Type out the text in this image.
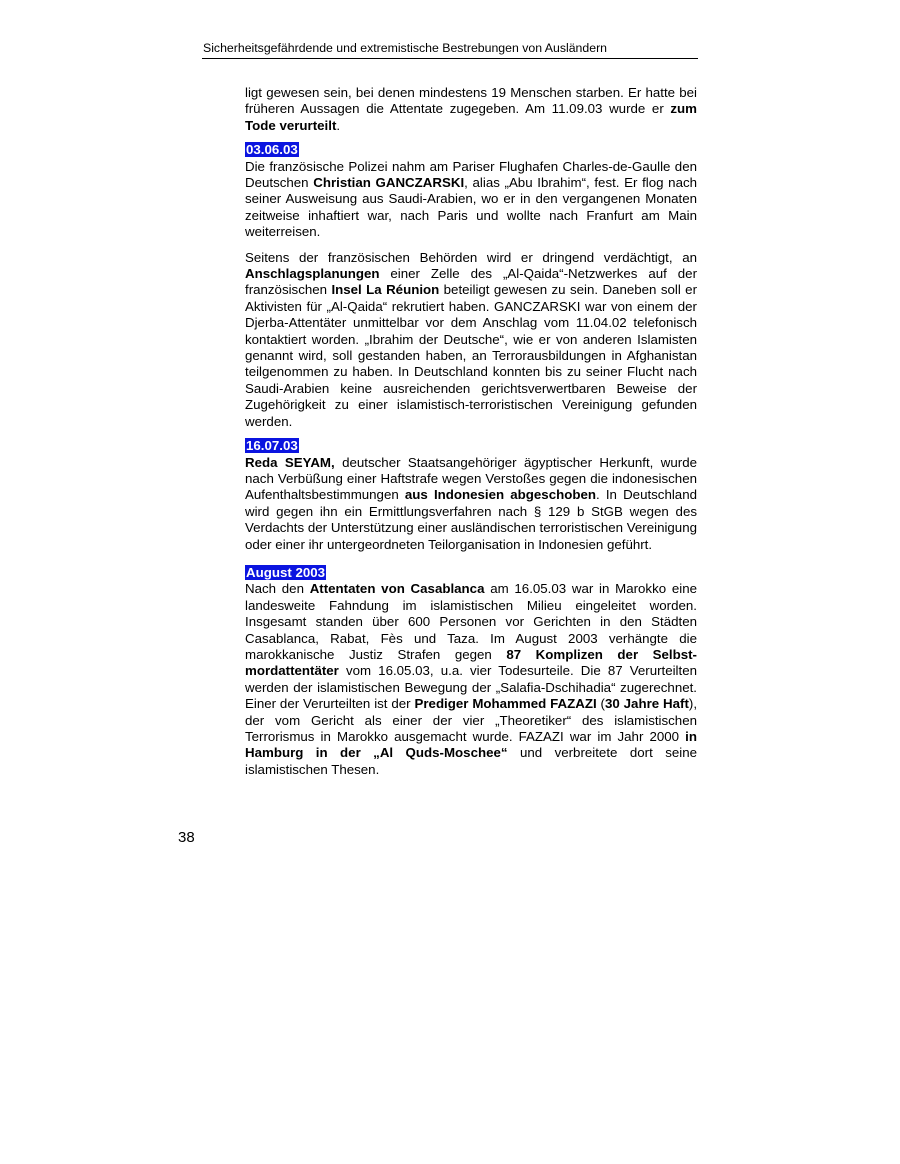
Sicherheitsgefährdende und extremistische Bestrebungen von Ausländern

ligt gewesen sein, bei denen mindestens 19 Menschen starben. Er hatte bei früheren Aussagen die Attentate zugegeben. Am 11.09.03 wurde er zum Tode verurteilt.

03.06.03

Die französische Polizei nahm am Pariser Flughafen Charles-de-Gaulle den Deutschen Christian GANCZARSKI, alias „Abu Ibrahim“, fest. Er flog nach seiner Ausweisung aus Saudi-Arabien, wo er in den vergangenen Monaten zeitweise inhaftiert war, nach Paris und wollte nach Franfurt am Main weiterreisen.

Seitens der französischen Behörden wird er dringend verdächtigt, an Anschlagsplanungen einer Zelle des „Al-Qaida“-Netzwerkes auf der französischen Insel La Réunion beteiligt gewesen zu sein. Daneben soll er Aktivisten für „Al-Qaida“ rekrutiert haben. GANCZARSKI war von einem der Djerba-Attentäter unmittelbar vor dem Anschlag vom 11.04.02 telefonisch kontaktiert worden. „Ibrahim der Deutsche“, wie er von anderen Islamisten genannt wird, soll gestanden haben, an Terrorausbildungen in Afghanistan teilgenommen zu haben. In Deutschland konnten bis zu seiner Flucht nach Saudi-Arabien keine ausreichenden gerichtsverwertbaren Beweise der Zugehörigkeit zu einer islamistisch-terroristischen Vereinigung gefunden werden.

16.07.03

Reda SEYAM, deutscher Staatsangehöriger ägyptischer Herkunft, wurde nach Verbüßung einer Haftstrafe wegen Verstoßes gegen die indonesischen Aufenthaltsbestimmungen aus Indonesien abgeschoben. In Deutschland wird gegen ihn ein Ermittlungsverfahren nach § 129 b StGB wegen des Verdachts der Unterstützung einer ausländischen terroristischen Vereinigung oder einer ihr untergeordneten Teilorganisation in Indonesien geführt.

August 2003

Nach den Attentaten von Casablanca am 16.05.03 war in Marokko eine landesweite Fahndung im islamistischen Milieu eingeleitet worden. Insgesamt standen über 600 Personen vor Gerichten in den Städten Casablanca, Rabat, Fès und Taza. Im August 2003 verhängte die marokkanische Justiz Strafen gegen 87 Komplizen der Selbstmordattentäter vom 16.05.03, u.a. vier Todesurteile. Die 87 Verurteilten werden der islamistischen Bewegung der „Salafia-Dschihadia“ zugerechnet. Einer der Verurteilten ist der Prediger Mohammed FAZAZI (30 Jahre Haft), der vom Gericht als einer der vier „Theoretiker“ des islamistischen Terrorismus in Marokko ausgemacht wurde. FAZAZI war im Jahr 2000 in Hamburg in der „Al Quds-Moschee“ und verbreitete dort seine islamistischen Thesen.

38
